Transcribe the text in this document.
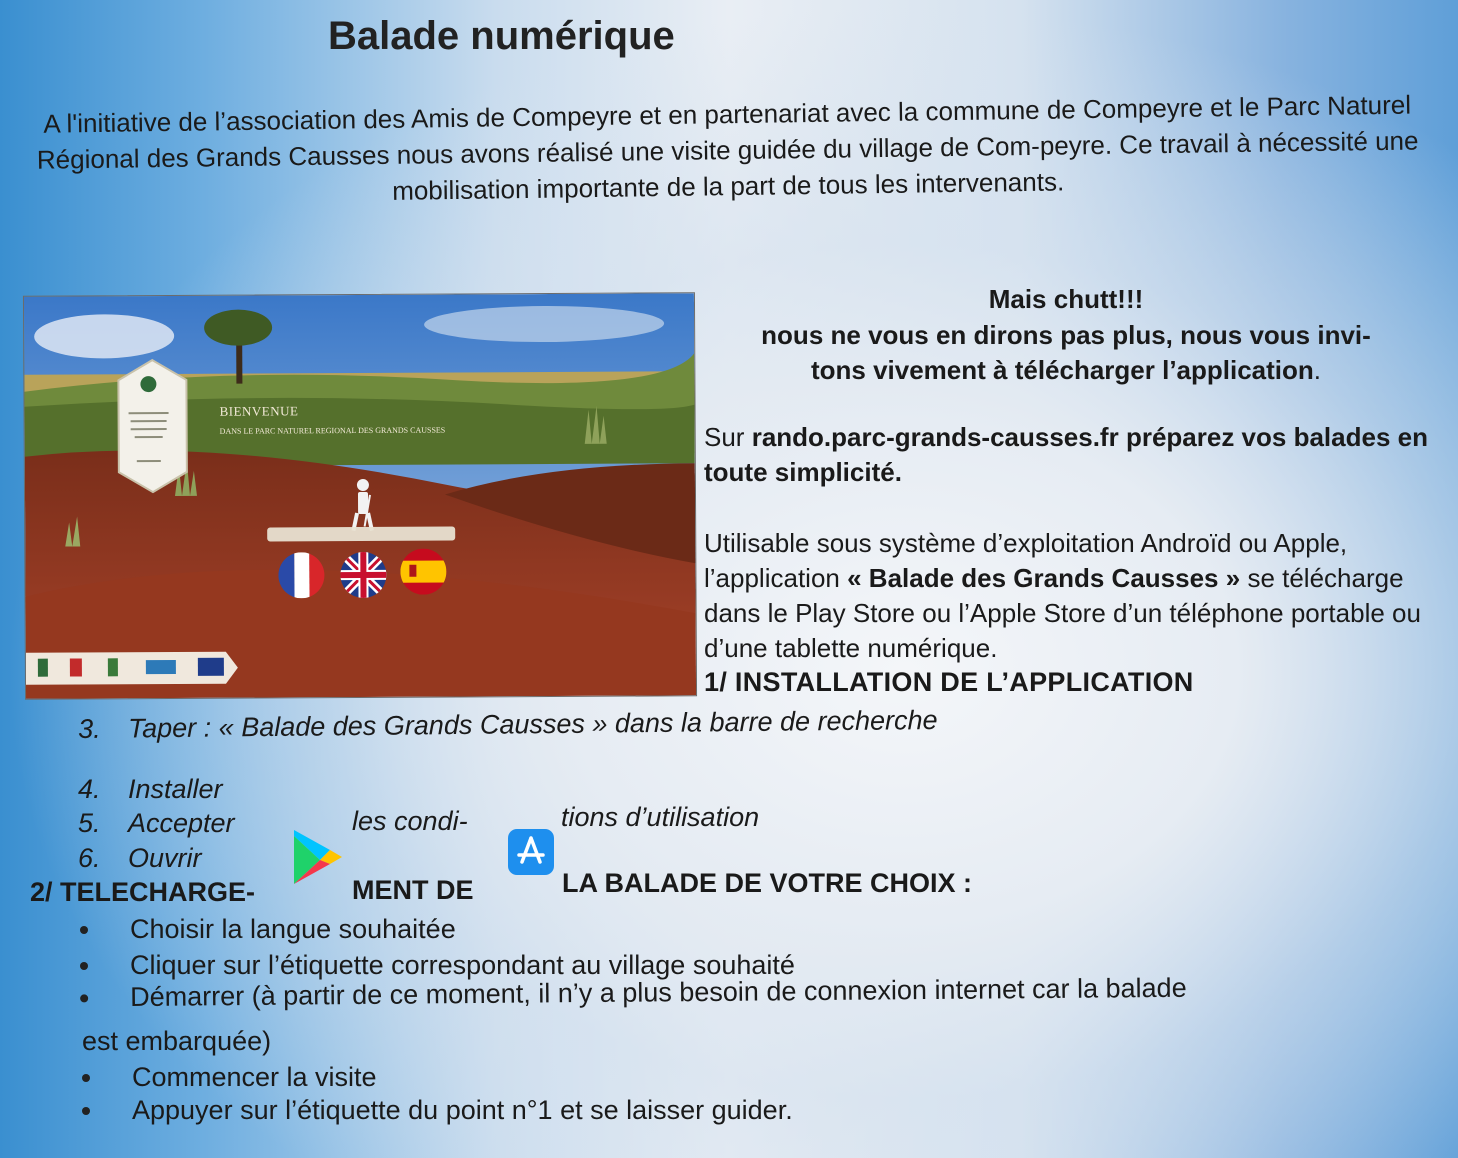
Balade numérique
A l'initiative de l’association des Amis de Compeyre et en partenariat avec la commune de Compeyre et le Parc Naturel Régional des Grands Causses nous avons réalisé une visite guidée du village de Com-peyre. Ce travail à nécessité une mobilisation importante de la part de tous les intervenants.
BIENVENUE
DANS LE PARC NATUREL REGIONAL DES GRANDS CAUSSES
Mais chutt!!!
nous ne vous en dirons pas plus, nous vous invi-
tons vivement à télécharger l’application.
Sur rando.parc-grands-causses.fr préparez vos balades en toute simplicité.
Utilisable sous système d’exploitation Androïd ou Apple, l’application « Balade des Grands Causses » se télécharge dans le Play Store ou l’Apple Store d’un téléphone portable ou d’une tablette numérique.
1/ INSTALLATION DE L’APPLICATION
3. Taper : « Balade des Grands Causses » dans la barre de recherche
4. Installer
5. Accepter	les condi-	tions d’utilisation
6. Ouvrir
2/ TELECHARGE-	MENT DE	LA BALADE DE VOTRE CHOIX :
Choisir la langue souhaitée
Cliquer sur l’étiquette correspondant au village souhaité
Démarrer (à partir de ce moment, il n’y a plus besoin de connexion internet car la balade
est embarquée)
Commencer la visite
Appuyer sur l’étiquette du point n°1 et se laisser guider.
